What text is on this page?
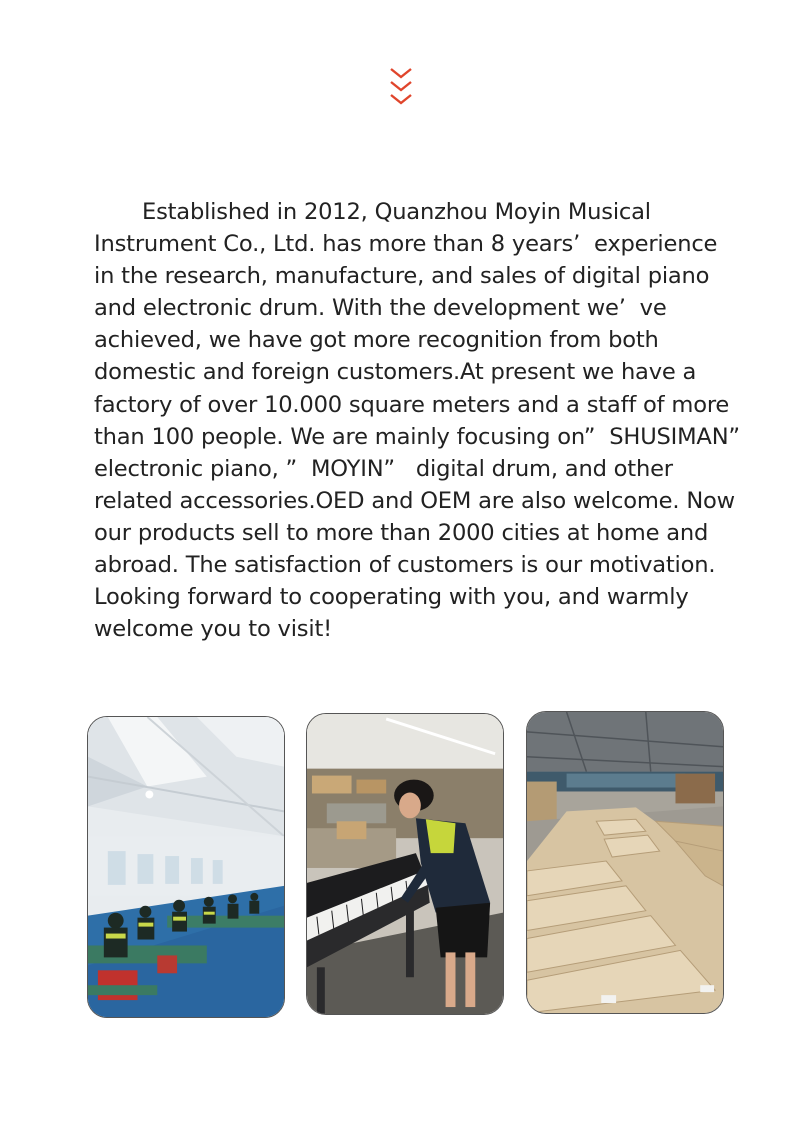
Established in 2012, Quanzhou Moyin Musical
Instrument Co., Ltd. has more than 8 years’  experience
in the research, manufacture, and sales of digital piano
and electronic drum. With the development we’  ve
achieved, we have got more recognition from both
domestic and foreign customers.At present we have a
factory of over 10.000 square meters and a staff of more
than 100 people. We are mainly focusing on”  SHUSIMAN”
electronic piano, ”  MOYIN”   digital drum, and other
related accessories.OED and OEM are also welcome. Now
our products sell to more than 2000 cities at home and
abroad. The satisfaction of customers is our motivation.
Looking forward to cooperating with you, and warmly
welcome you to visit!
